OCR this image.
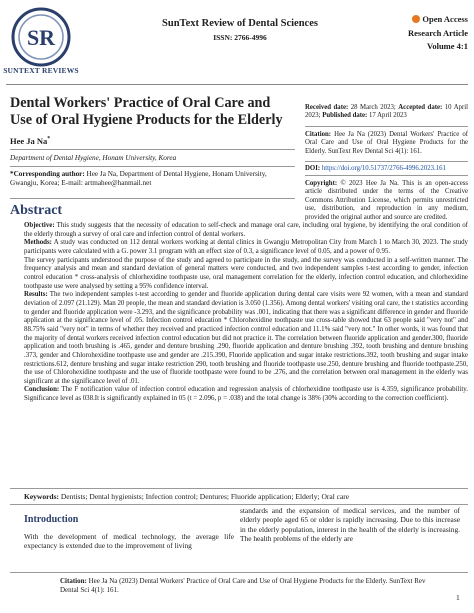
SR
SUNTEXT REVIEWS
SunText Review of Dental Sciences
ISSN: 2766-4996
Open Access
Research Article
Volume 4:1
Dental Workers' Practice of Oral Care and Use of Oral Hygiene Products for the Elderly
Hee Ja Na*
Department of Dental Hygiene, Honam University, Korea
*Corresponding author: Hee Ja Na, Department of Dental Hygiene, Honam University, Gwangju, Korea; E-mail: artmahee@hanmail.net
Received date: 28 March 2023; Accepted date: 10 April 2023; Published date: 17 April 2023
Citation: Hee Ja Na (2023) Dental Workers' Practice of Oral Care and Use of Oral Hygiene Products for the Elderly. SunText Rev Dental Sci 4(1): 161.
DOI: https://doi.org/10.51737/2766-4996.2023.161
Copyright: © 2023 Hee Ja Na. This is an open-access article distributed under the terms of the Creative Commons Attribution License, which permits unrestricted use, distribution, and reproduction in any medium, provided the original author and source are credited.
Abstract

Objective: This study suggests that the necessity of education to self-check and manage oral care, including oral hygiene, by identifying the oral condition of the elderly through a survey of oral care and infection control of dental workers.

Methods: A study was conducted on 112 dental workers working at dental clinics in Gwangju Metropolitan City from March 1 to March 30, 2023. The study participants were calculated with a G. power 3.1 program with an effect size of 0.3, a significance level of 0.05, and a power of 0.95.

The survey participants understood the purpose of the study and agreed to participate in the study, and the survey was conducted in a self-written manner. The frequency analysis and mean and standard deviation of general matters were conducted, and two independent samples t-test according to gender, infection control education * cross-analysis of chlorhexidine toothpaste use, oral management correlation for the elderly, infection control education, and chlorhexidine toothpaste use were analysed by setting a 95% confidence interval.

Results: The two independent samples t-test according to gender and fluoride application during dental care visits were 92 women, with a mean and standard deviation of 2.097 (21.129). Man 20 people, the mean and standard deviation is 3.050 (1.356). Among dental workers' visiting oral care, the t statistics according to gender and fluoride application were -3.293, and the significance probability was .001, indicating that there was a significant difference in gender and fluoride application at the significance level of .05. Infection control education * Chlorohexidine toothpaste use cross-table showed that 63 people said "very not" and 88.75% said "very not" in terms of whether they received and practiced infection control education and 11.1% said "very not." In other words, it was found that the majority of dental workers received infection control education but did not practice it. The correlation between fluoride application and gender.300, fluoride application and tooth brushing is .465, gender and denture brushing .290, fluoride application and denture brushing .392, tooth brushing and denture brushing .373, gender and Chlorohexidine toothpaste use and gender are .215.390, Fluoride application and sugar intake restrictions.392, tooth brushing and sugar intake restrictions.612, denture brushing and sugar intake restriction 290, tooth brushing and fluoride toothpaste use.250, denture brushing and fluoride toothpaste.250, the use of Chlorohexidine toothpaste and the use of fluoride toothpaste were found to be .276, and the correlation between oral management in the elderly was significant at the significance level of .01.

Conclusion: The F notification value of infection control education and regression analysis of chlorhexidine toothpaste use is 4.359, significance probability. Significance level as 038.It is significantly explained in 05 (t = 2.096, p = .038) and the total change is 38% (30% according to the correction coefficient).

Keywords: Dentists; Dental hygienists; Infection control; Dentures; Fluoride application; Elderly; Oral care
Introduction
With the development of medical technology, the average life expectancy is extended due to the improvement of living
standards and the expansion of medical services, and the number of elderly people aged 65 or older is rapidly increasing. Due to this increase in the elderly population, interest in the health of the elderly is increasing. The health problems of the elderly are
Citation: Hee Ja Na (2023) Dental Workers' Practice of Oral Care and Use of Oral Hygiene Products for the Elderly. SunText Rev Dental Sci 4(1): 161.
1
